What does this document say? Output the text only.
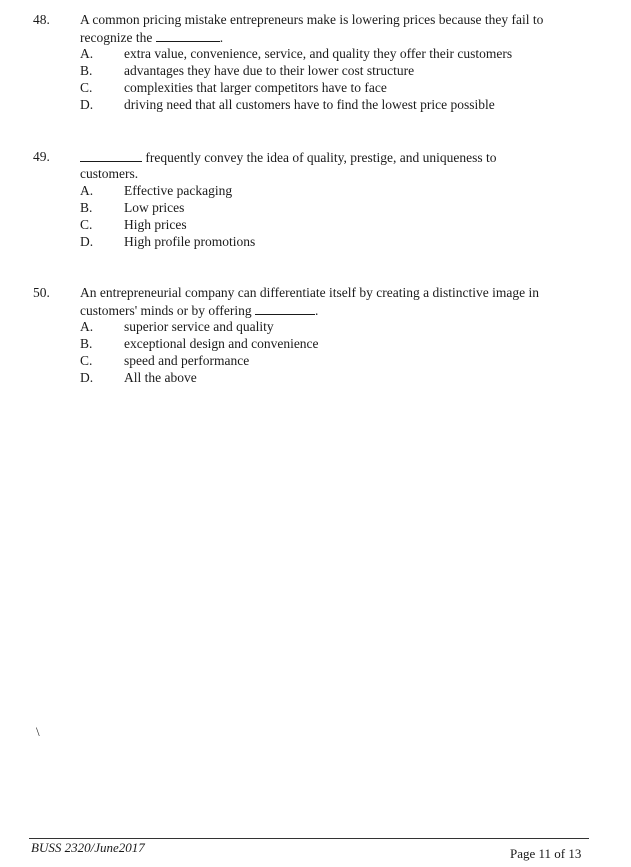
48. A common pricing mistake entrepreneurs make is lowering prices because they fail to
recognize the	.
A. extra value, convenience, service, and quality they offer their customers
B. advantages they have due to their lower cost structure
C. complexities that larger competitors have to face
D. driving need that all customers have to find the lowest price possible
49.	frequently convey the idea of quality, prestige, and uniqueness to
customers.
A. Effective packaging
B. Low prices
C. High prices
D. High profile promotions
50. An entrepreneurial company can differentiate itself by creating a distinctive image in
customers' minds or by offering	.
A. superior service and quality
B. exceptional design and convenience
C. speed and performance
D. All the above
\
BUSS 2320/June2017	Page 11 of 13
